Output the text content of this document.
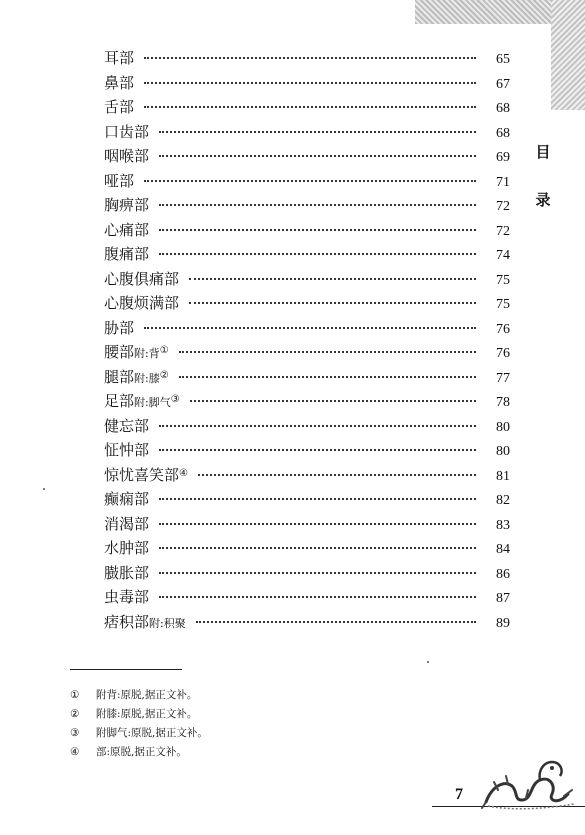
目
录
耳部	65
鼻部	67
舌部	68
口齿部	68
咽喉部	69
哑部	71
胸痹部	72
心痛部	72
腹痛部	74
心腹俱痛部	75
心腹烦满部	75
胁部	76
腰部附:背①	76
腿部附:膝②	77
足部附:脚气③	78
健忘部	80
怔忡部	80
惊忧喜笑部④	81
癫痫部	82
消渴部	83
水肿部	84
臌胀部	86
虫毒部	87
痞积部附:积聚	89
①	附背:原脱,据正文补。
②	附膝:原脱,据正文补。
③	附脚气:原脱,据正文补。
④	部:原脱,据正文补。
7
